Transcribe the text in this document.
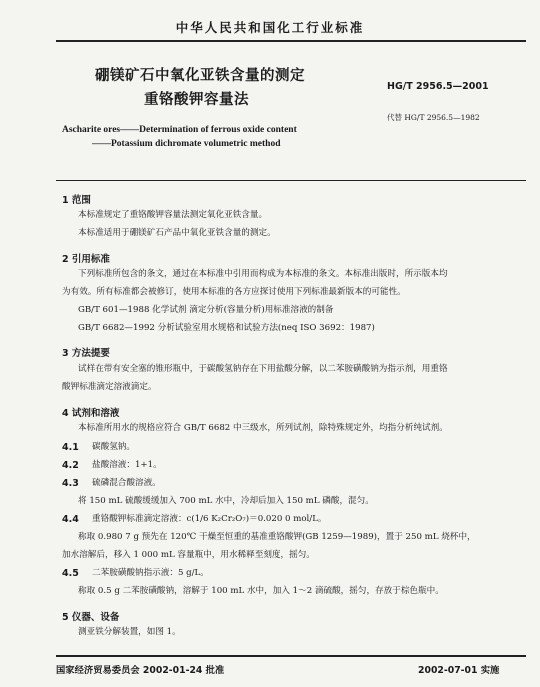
中华人民共和国化工行业标准
硼镁矿石中氧化亚铁含量的测定
重铬酸钾容量法
HG/T 2956.5—2001
代替 HG/T 2956.5—1982
Ascharite ores——Determination of ferrous oxide content
——Potassium dichromate volumetric method
1 范围
本标准规定了重铬酸钾容量法测定氧化亚铁含量。
本标准适用于硼镁矿石产品中氧化亚铁含量的测定。
2 引用标准
下列标准所包含的条文，通过在本标准中引用而构成为本标准的条文。本标准出版时，所示版本均
为有效。所有标准都会被修订，使用本标准的各方应探讨使用下列标准最新版本的可能性。
GB/T 601—1988 化学试剂 滴定分析(容量分析)用标准溶液的制备
GB/T 6682—1992 分析试验室用水规格和试验方法(neq ISO 3692：1987)
3 方法提要
试样在带有安全塞的锥形瓶中，于碳酸氢钠存在下用盐酸分解，以二苯胺磺酸钠为指示剂，用重铬
酸钾标准滴定溶液滴定。
4 试剂和溶液
本标准所用水的规格应符合 GB/T 6682 中三级水，所列试剂，除特殊规定外，均指分析纯试剂。
4.1 碳酸氢钠。
4.2 盐酸溶液：1+1。
4.3 硫磷混合酸溶液。
将 150 mL 硫酸缓缓加入 700 mL 水中，冷却后加入 150 mL 磷酸，混匀。
4.4 重铬酸钾标准滴定溶液：c(1/6 K₂Cr₂O₇)＝0.020 0 mol/L。
称取 0.980 7 g 预先在 120℃ 干燥至恒重的基准重铬酸钾(GB 1259—1989)，置于 250 mL 烧杯中，
加水溶解后，移入 1 000 mL 容量瓶中，用水稀释至刻度，摇匀。
4.5 二苯胺磺酸钠指示液：5 g/L。
称取 0.5 g 二苯胺磺酸钠，溶解于 100 mL 水中，加入 1～2 滴硫酸，摇匀，存放于棕色瓶中。
5 仪器、设备
测亚铁分解装置，如图 1。
国家经济贸易委员会 2002-01-24 批准	2002-07-01 实施
